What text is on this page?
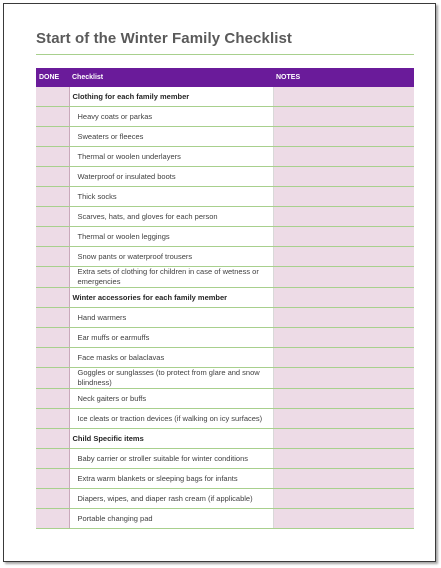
Start of the Winter Family Checklist
DONE	Checklist	NOTES
	Clothing for each family member	
	Heavy coats or parkas	
	Sweaters or fleeces	
	Thermal or woolen underlayers	
	Waterproof or insulated boots	
	Thick socks	
	Scarves, hats, and gloves for each person	
	Thermal or woolen leggings	
	Snow pants or waterproof trousers	
	Extra sets of clothing for children in case of wetness or emergencies	
	Winter accessories for each family member	
	Hand warmers	
	Ear muffs or earmuffs	
	Face masks or balaclavas	
	Goggles or sunglasses (to protect from glare and snow blindness)	
	Neck gaiters or buffs	
	Ice cleats or traction devices (if walking on icy surfaces)	
	Child Specific items	
	Baby carrier or stroller suitable for winter conditions	
	Extra warm blankets or sleeping bags for infants	
	Diapers, wipes, and diaper rash cream (if applicable)	
	Portable changing pad	
